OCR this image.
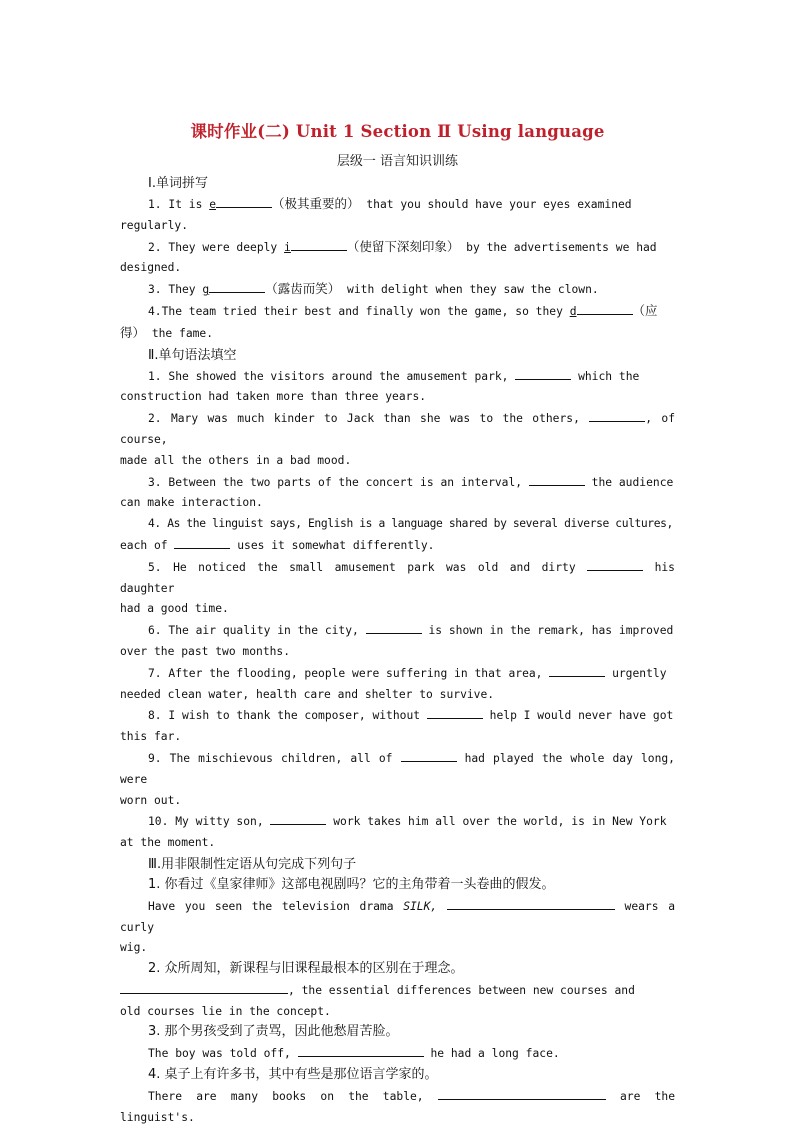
课时作业(二) Unit 1 Section Ⅱ Using language
层级一 语言知识训练
Ⅰ.单词拼写

1. It is e	（极其重要的） that you should have your eyes examined

regularly.

2. They were deeply i	（使留下深刻印象） by the advertisements we had

designed.

3. They g	（露齿而笑） with delight when they saw the clown.

4.The team tried their best and finally won the game, so they d	（应

得） the fame.

Ⅱ.单句语法填空

1. She showed the visitors around the amusement park,	which the

construction had taken more than three years.

2. Mary was much kinder to Jack than she was to the others,	, of course,

made all the others in a bad mood.

3. Between the two parts of the concert is an interval,	the audience

can make interaction.

4. As the linguist says, English is a language shared by several diverse cultures,

each of	uses it somewhat differently.

5. He noticed the small amusement park was old and dirty	his daughter

had a good time.

6. The air quality in the city,	is shown in the remark, has improved

over the past two months.

7. After the flooding, people were suffering in that area,	urgently

needed clean water, health care and shelter to survive.

8. I wish to thank the composer, without	help I would never have got

this far.

9. The mischievous children, all of	had played the whole day long, were

worn out.

10. My witty son,	work takes him all over the world, is in New York

at the moment.

Ⅲ.用非限制性定语从句完成下列句子

1. 你看过《皇家律师》这部电视剧吗？它的主角带着一头卷曲的假发。

Have you seen the television drama SILK,	wears a curly

wig.

2. 众所周知，新课程与旧课程最根本的区别在于理念。

, the essential differences between new courses and

old courses lie in the concept.

3. 那个男孩受到了责骂，因此他愁眉苦脸。

The boy was told off,	he had a long face.

4. 桌子上有许多书，其中有些是那位语言学家的。

There are many books on the table,	are the linguist's.
